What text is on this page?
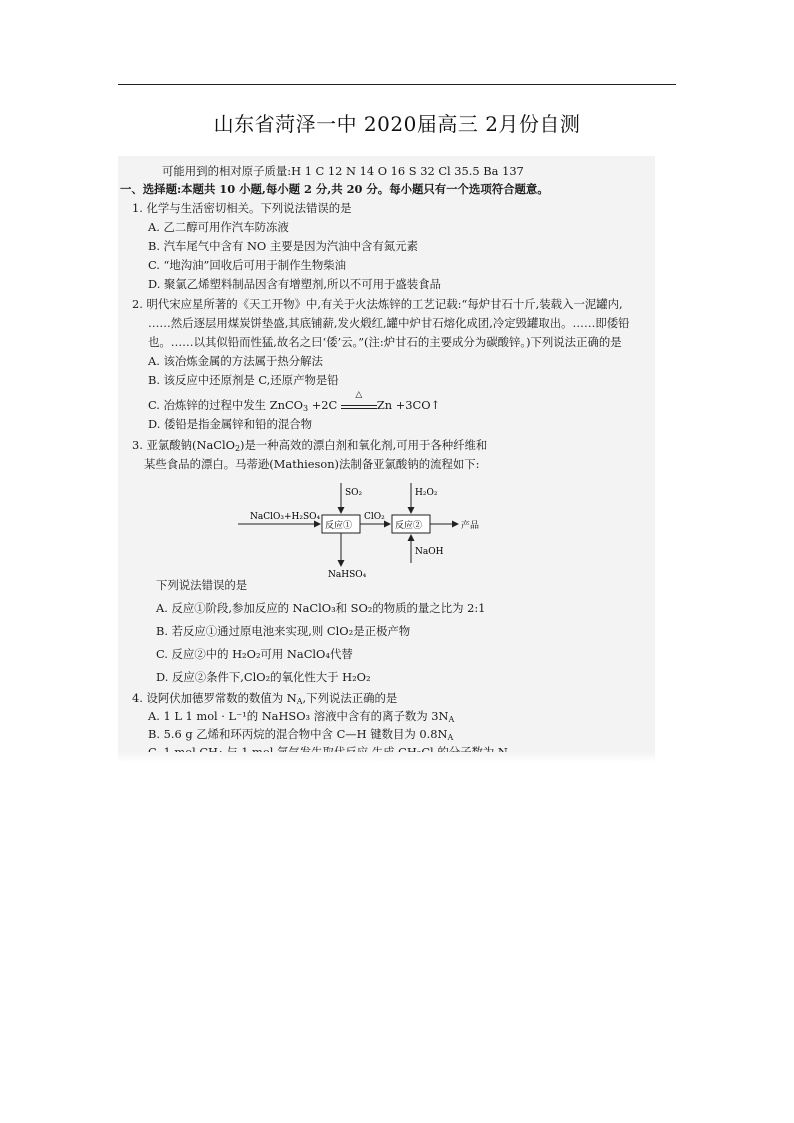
山东省菏泽一中 2020届高三 2月份自测
可能用到的相对原子质量:H 1 C 12 N 14 O 16 S 32 Cl 35.5 Ba 137
一、选择题:本题共 10 小题,每小题 2 分,共 20 分。每小题只有一个选项符合题意。
1. 化学与生活密切相关。下列说法错误的是
A. 乙二醇可用作汽车防冻液
B. 汽车尾气中含有 NO 主要是因为汽油中含有氮元素
C. “地沟油”回收后可用于制作生物柴油
D. 聚氯乙烯塑料制品因含有增塑剂,所以不可用于盛装食品
2. 明代宋应星所著的《天工开物》中,有关于火法炼锌的工艺记载:“每炉甘石十斤,装载入一泥罐内,
……然后逐层用煤炭饼垫盛,其底铺薪,发火煅红,罐中炉甘石熔化成团,冷定毁罐取出。……即倭铅
也。……以其似铅而性猛,故名之曰‘倭’云。”(注:炉甘石的主要成分为碳酸锌。)下列说法正确的是
A. 该冶炼金属的方法属于热分解法
B. 该反应中还原剂是 C,还原产物是铅
C. 冶炼锌的过程中发生 ZnCO$_3$ +2C
△
Zn +3CO↑
D. 倭铅是指金属锌和铅的混合物
3. 亚氯酸钠(NaClO$_2$)是一种高效的漂白剂和氧化剂,可用于各种纤维和
某些食品的漂白。马蒂逊(Mathieson)法制备亚氯酸钠的流程如下:
NaClO₃+H₂SO₄
SO₂
反应①
NaHSO₄
ClO₂
H₂O₂
反应②	产品
NaOH
下列说法错误的是
A. 反应①阶段,参加反应的 NaClO₃和 SO₂的物质的量之比为 2:1
B. 若反应①通过原电池来实现,则 ClO₂是正极产物
C. 反应②中的 H₂O₂可用 NaClO₄代替
D. 反应②条件下,ClO₂的氧化性大于 H₂O₂
4. 设阿伏加德罗常数的数值为 $N_A$,下列说法正确的是
A. 1 L 1 mol · L⁻¹的 NaHSO₃ 溶液中含有的离子数为 $3N_A$
B. 5.6 g 乙烯和环丙烷的混合物中含 C—H 键数目为 $0.8N_A$
